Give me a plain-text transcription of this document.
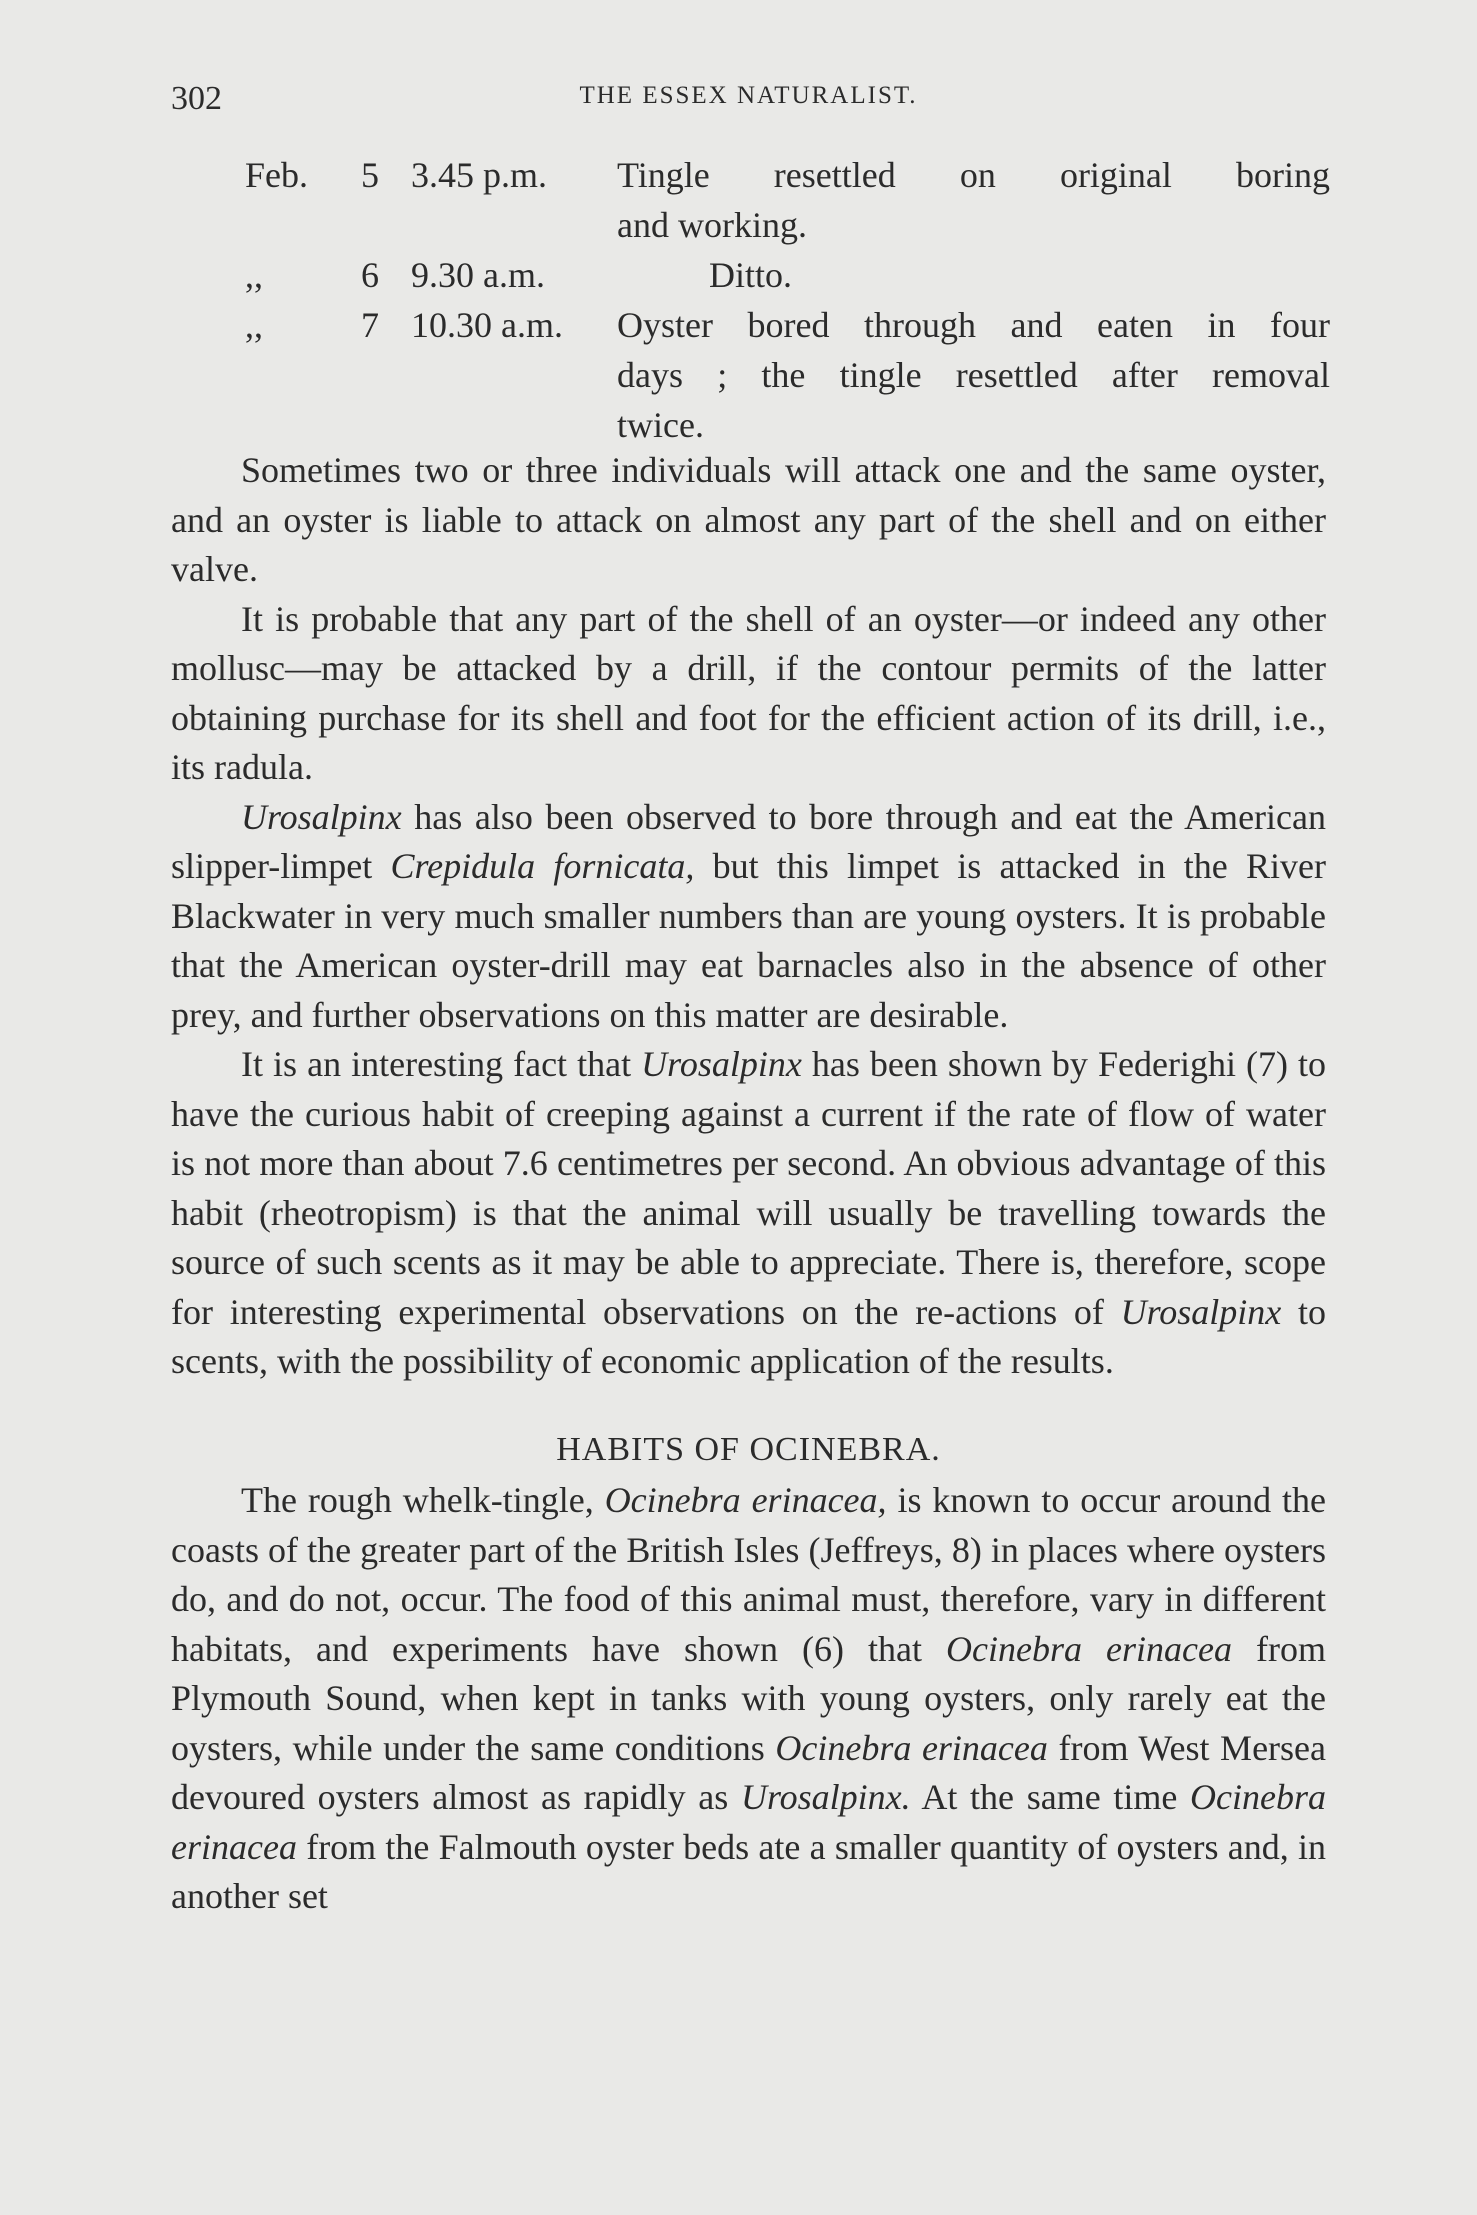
302	THE ESSEX NATURALIST.
Feb. 5 3.45 p.m. Tingle resettled on original boring
and working.
,,	6 9.30 a.m.	Ditto.
,,	7 10.30 a.m. Oyster bored through and eaten in four
days ; the tingle resettled after removal
twice.

Sometimes two or three individuals will attack one and the same oyster, and an oyster is liable to attack on almost any part of the shell and on either valve.

It is probable that any part of the shell of an oyster—or indeed any other mollusc—may be attacked by a drill, if the contour permits of the latter obtaining purchase for its shell and foot for the efficient action of its drill, i.e., its radula.

Urosalpinx has also been observed to bore through and eat the American slipper-limpet Crepidula fornicata, but this limpet is attacked in the River Blackwater in very much smaller numbers than are young oysters. It is probable that the American oyster-drill may eat barnacles also in the absence of other prey, and further observations on this matter are desirable.

It is an interesting fact that Urosalpinx has been shown by Federighi (7) to have the curious habit of creeping against a current if the rate of flow of water is not more than about 7.6 centimetres per second. An obvious advantage of this habit (rheotropism) is that the animal will usually be travelling towards the source of such scents as it may be able to appreciate. There is, therefore, scope for interesting experimental observations on the re-actions of Urosalpinx to scents, with the possibility of economic application of the results.

HABITS OF OCINEBRA.

The rough whelk-tingle, Ocinebra erinacea, is known to occur around the coasts of the greater part of the British Isles (Jeffreys, 8) in places where oysters do, and do not, occur. The food of this animal must, therefore, vary in different habitats, and experiments have shown (6) that Ocinebra erinacea from Plymouth Sound, when kept in tanks with young oysters, only rarely eat the oysters, while under the same conditions Ocinebra erinacea from West Mersea devoured oysters almost as rapidly as Urosalpinx. At the same time Ocinebra erinacea from the Falmouth oyster beds ate a smaller quantity of oysters and, in another set
